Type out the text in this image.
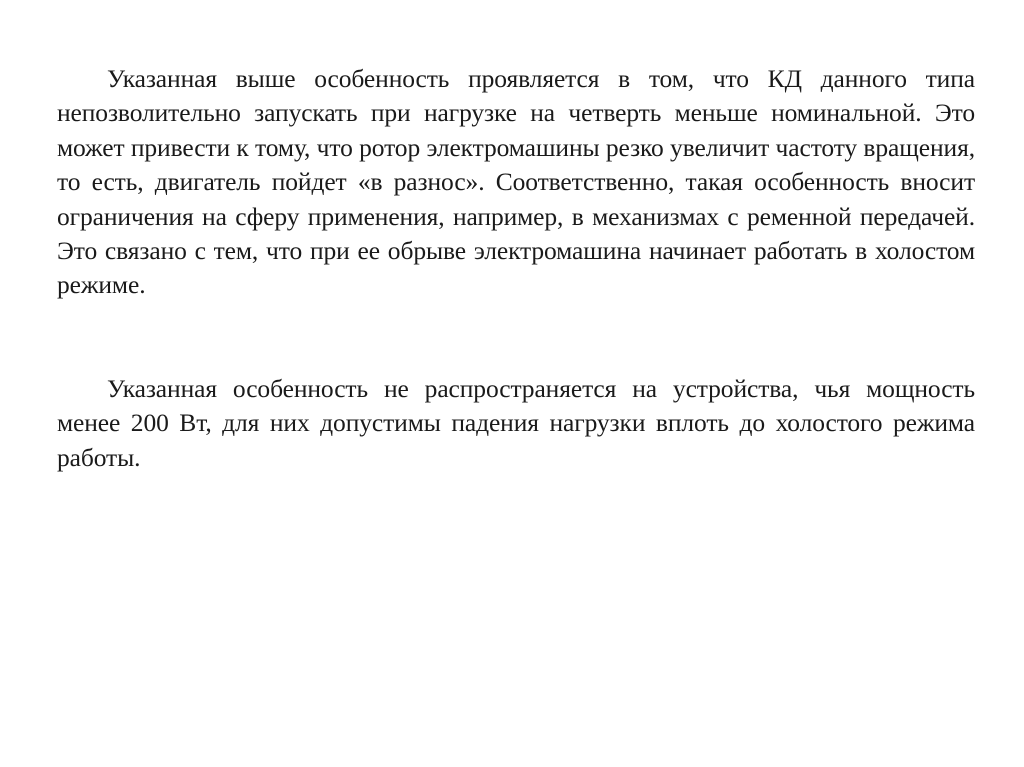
Указанная выше особенность проявляется в том, что КД данного типа непозволительно запускать при нагрузке на четверть меньше номинальной. Это может привести к тому, что ротор электромашины резко увеличит частоту вращения, то есть, двигатель пойдет «в разнос». Соответственно, такая особенность вносит ограничения на сферу применения, например, в механизмах с ременной передачей. Это связано с тем, что при ее обрыве электромашина начинает работать в холостом режиме.

Указанная особенность не распространяется на устройства, чья мощность менее 200 Вт, для них допустимы падения нагрузки вплоть до холостого режима работы.
